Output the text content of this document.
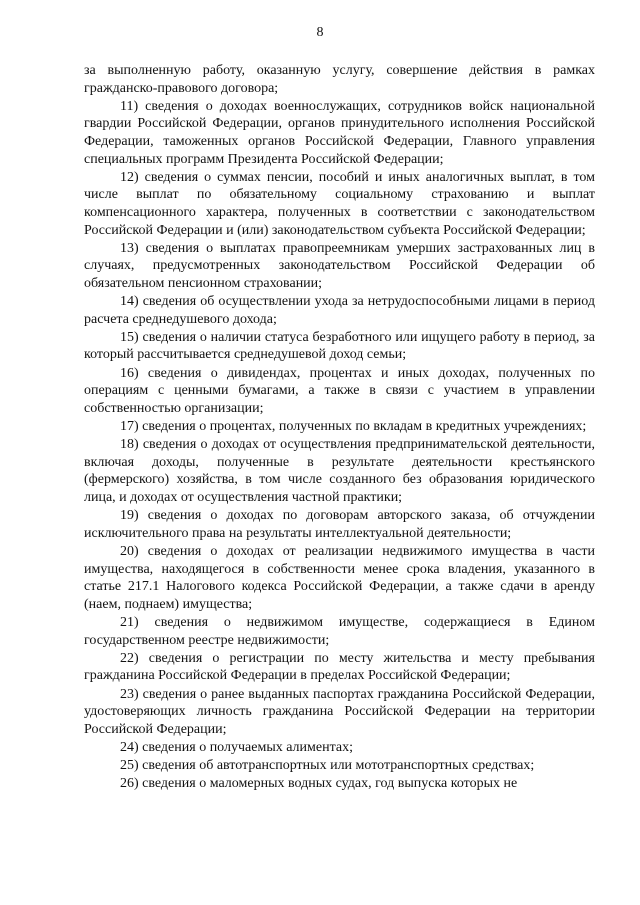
8

за выполненную работу, оказанную услугу, совершение действия в рамках гражданско-правового договора;

11) сведения о доходах военнослужащих, сотрудников войск национальной гвардии Российской Федерации, органов принудительного исполнения Российской Федерации, таможенных органов Российской Федерации, Главного управления специальных программ Президента Российской Федерации;

12) сведения о суммах пенсии, пособий и иных аналогичных выплат, в том числе выплат по обязательному социальному страхованию и выплат компенсационного характера, полученных в соответствии с законодательством Российской Федерации и (или) законодательством субъекта Российской Федерации;

13) сведения о выплатах правопреемникам умерших застрахованных лиц в случаях, предусмотренных законодательством Российской Федерации об обязательном пенсионном страховании;

14) сведения об осуществлении ухода за нетрудоспособными лицами в период расчета среднедушевого дохода;

15) сведения о наличии статуса безработного или ищущего работу в период, за который рассчитывается среднедушевой доход семьи;

16) сведения о дивидендах, процентах и иных доходах, полученных по операциям с ценными бумагами, а также в связи с участием в управлении собственностью организации;

17) сведения о процентах, полученных по вкладам в кредитных учреждениях;

18) сведения о доходах от осуществления предпринимательской деятельности, включая доходы, полученные в результате деятельности крестьянского (фермерского) хозяйства, в том числе созданного без образования юридического лица, и доходах от осуществления частной практики;

19) сведения о доходах по договорам авторского заказа, об отчуждении исключительного права на результаты интеллектуальной деятельности;

20) сведения о доходах от реализации недвижимого имущества в части имущества, находящегося в собственности менее срока владения, указанного в статье 217.1 Налогового кодекса Российской Федерации, а также сдачи в аренду (наем, поднаем) имущества;

21) сведения о недвижимом имуществе, содержащиеся в Едином государственном реестре недвижимости;

22) сведения о регистрации по месту жительства и месту пребывания гражданина Российской Федерации в пределах Российской Федерации;

23) сведения о ранее выданных паспортах гражданина Российской Федерации, удостоверяющих личность гражданина Российской Федерации на территории Российской Федерации;

24) сведения о получаемых алиментах;

25) сведения об автотранспортных или мототранспортных средствах;

26) сведения о маломерных водных судах, год выпуска которых не
